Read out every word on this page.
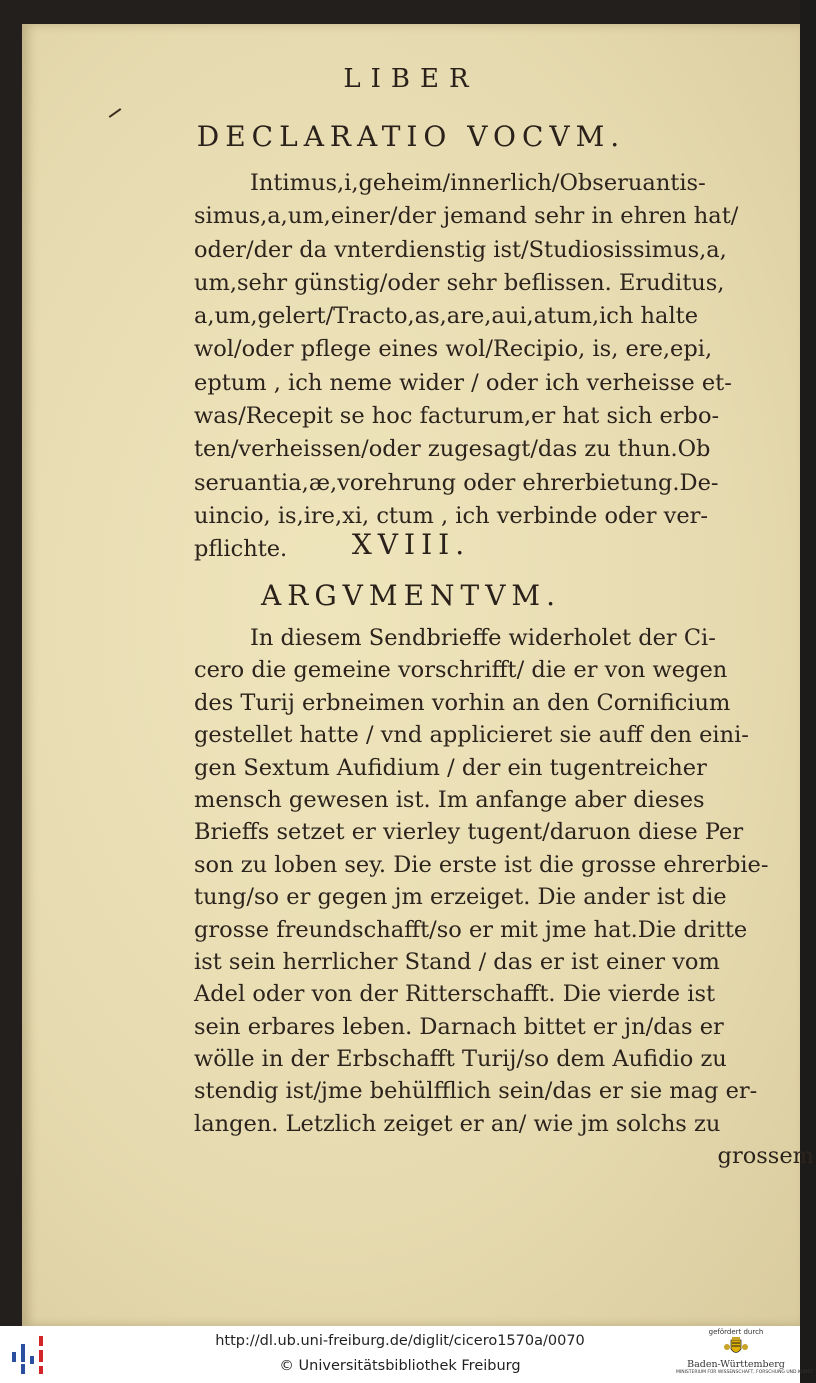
LIBER
DECLARATIO VOCVM.
Intimus,i,geheim/innerlich/Obseruantis-
simus,a,um,einer/der jemand sehr in ehren hat/
oder/der da vnterdienstig ist/Studiosissimus,a,
um,sehr günstig/oder sehr beflissen. Eruditus,
a,um,gelert/Tracto,as,are,aui,atum,ich halte
wol/oder pflege eines wol/Recipio, is, ere,epi,
eptum , ich neme wider / oder ich verheisse et-
was/Recepit se hoc facturum,er hat sich erbo-
ten/verheissen/oder zugesagt/das zu thun.Ob
seruantia,æ,vorehrung oder ehrerbietung.De-
uincio, is,ire,xi, ctum , ich verbinde oder ver-
pflichte.	XVIII.
ARGVMENTVM.
In diesem Sendbrieffe widerholet der Ci-
cero die gemeine vorschrifft/ die er von wegen
des Turij erbneimen vorhin an den Cornificium
gestellet hatte / vnd applicieret sie auff den eini-
gen Sextum Aufidium / der ein tugentreicher
mensch gewesen ist. Im anfange aber dieses
Brieffs setzet er vierley tugent/daruon diese Per
son zu loben sey. Die erste ist die grosse ehrerbie-
tung/so er gegen jm erzeiget. Die ander ist die
grosse freundschafft/so er mit jme hat.Die dritte
ist sein herrlicher Stand / das er ist einer vom
Adel oder von der Ritterschafft. Die vierde ist
sein erbares leben. Darnach bittet er jn/das er
wölle in der Erbschafft Turij/so dem Aufidio zu
stendig ist/jme behülfflich sein/das er sie mag er-
langen. Letzlich zeiget er an/ wie jm solchs zu
grossem
http://dl.ub.uni-freiburg.de/diglit/cicero1570a/0070
© Universitätsbibliothek Freiburg
gefördert durch
Baden-Württemberg
MINISTERIUM FÜR WISSENSCHAFT, FORSCHUNG UND KUNST
